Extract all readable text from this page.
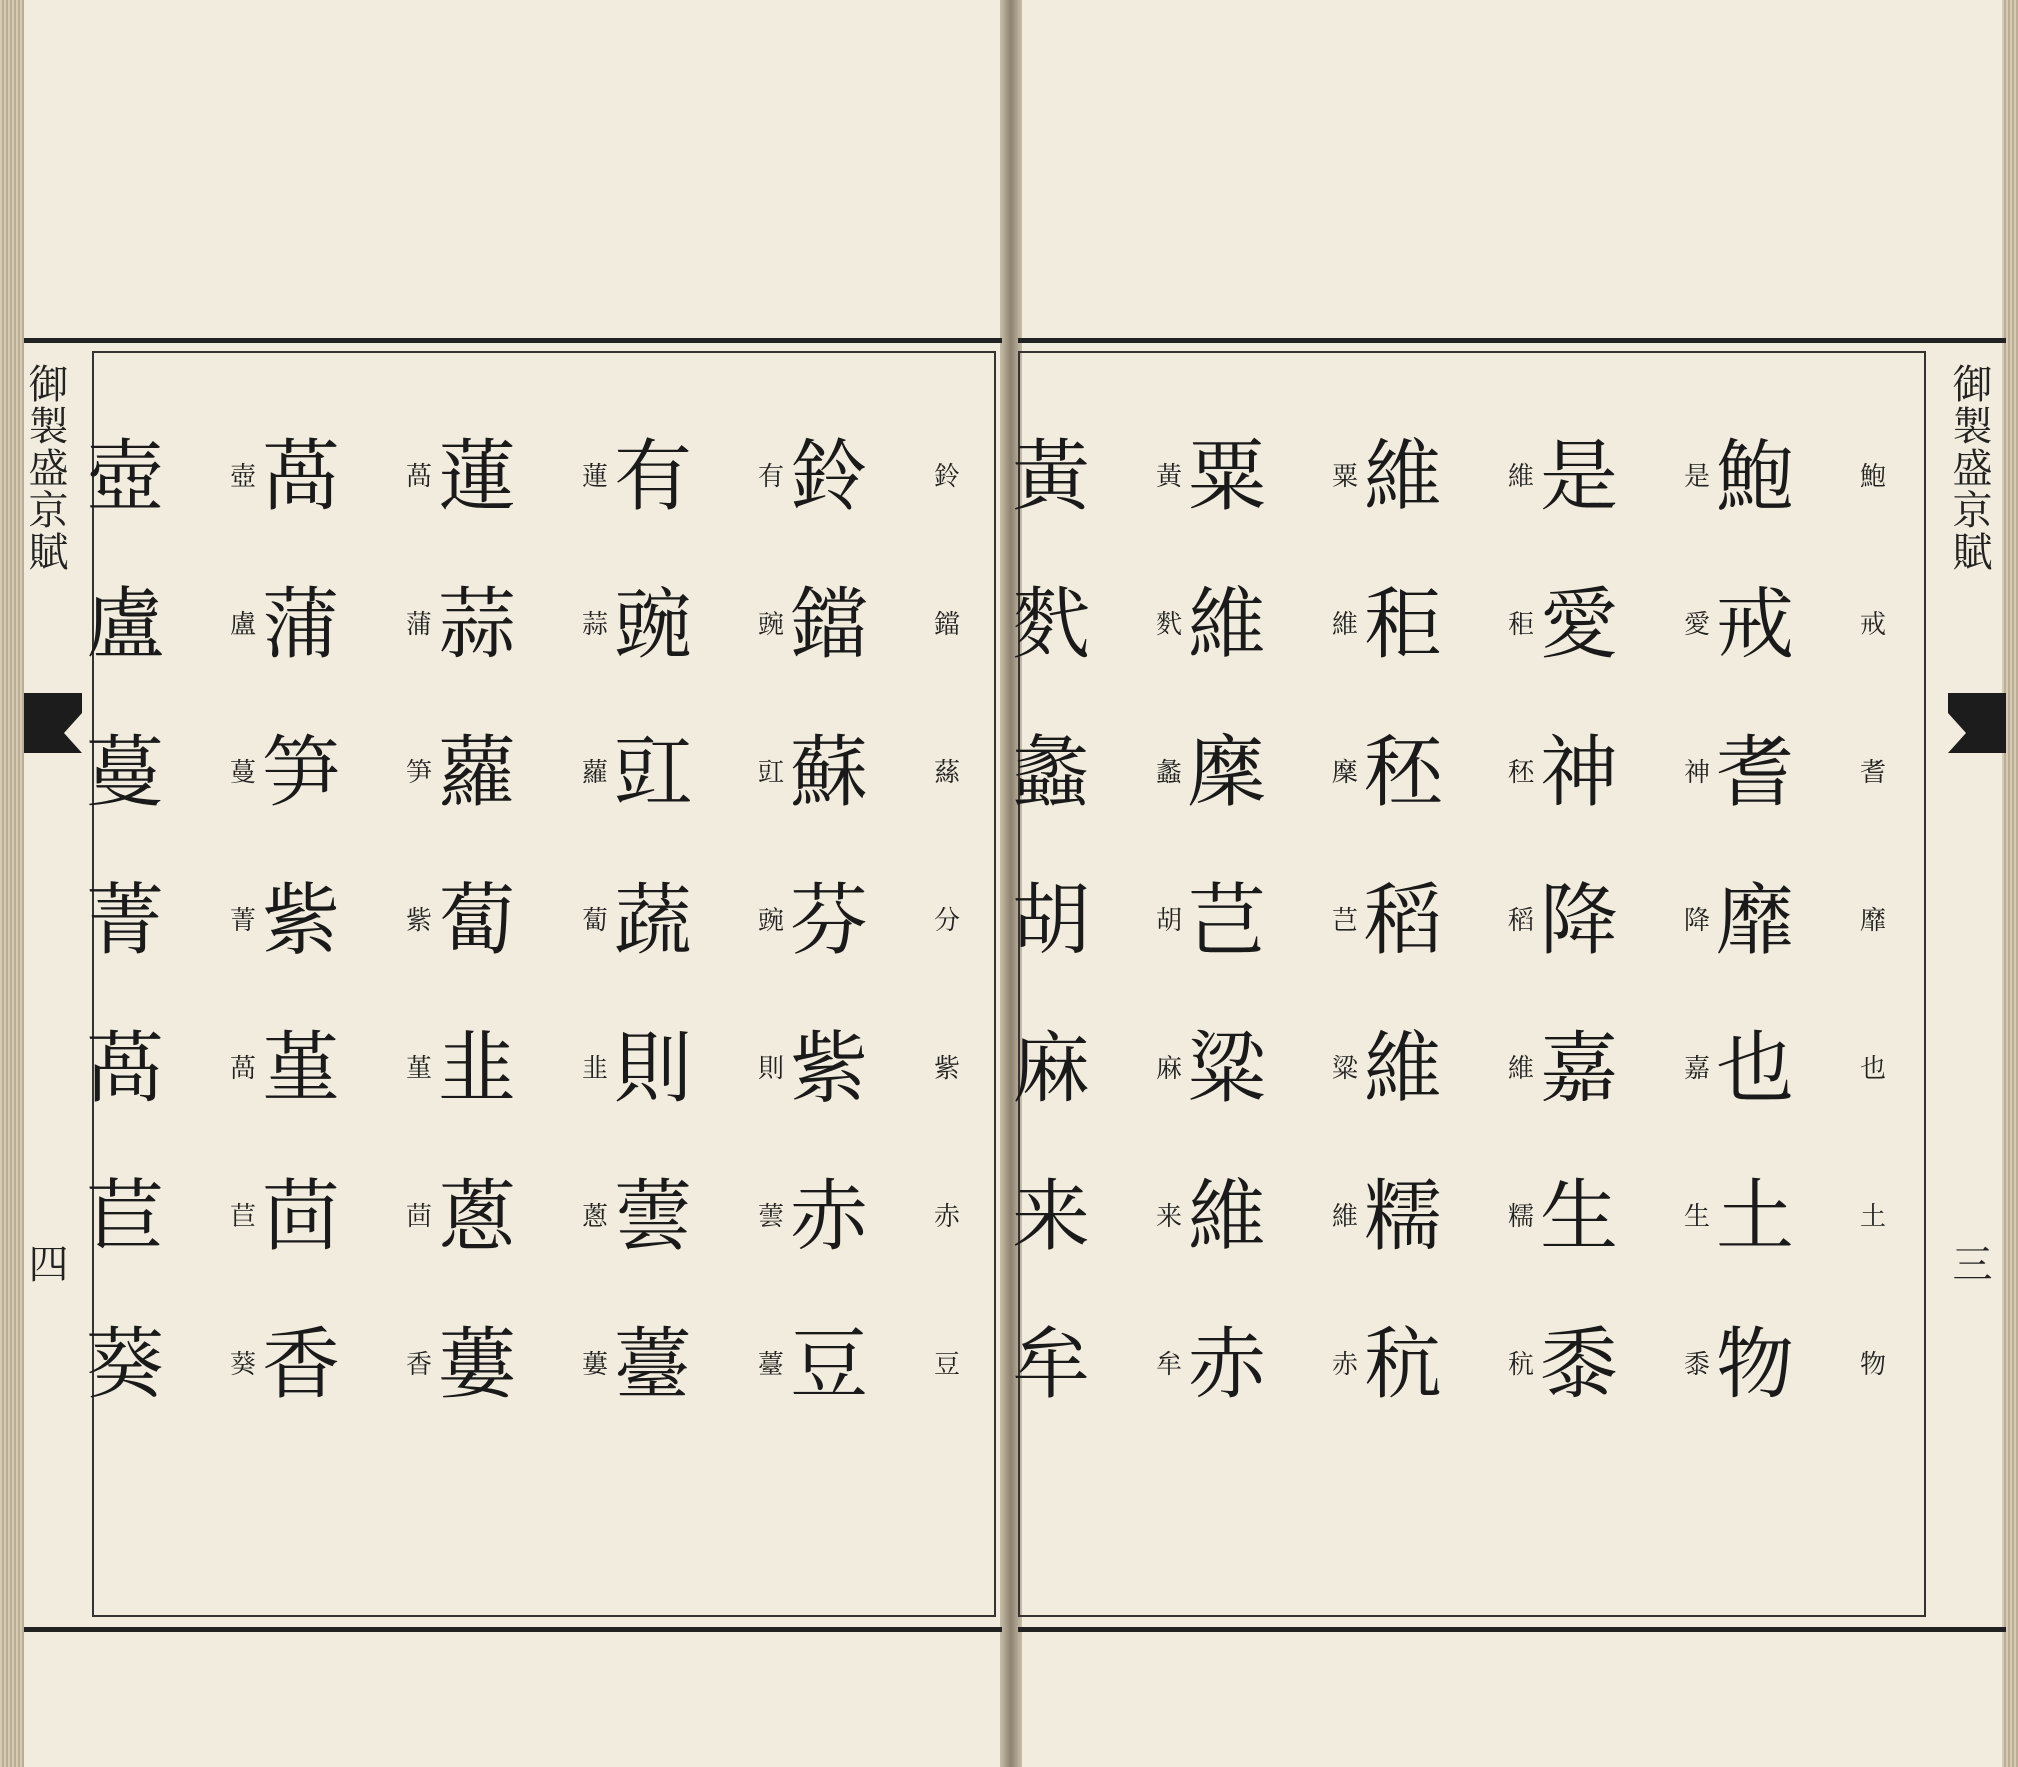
御製盛京賦
四
御製盛京賦
三
鈴
鐺
蕬
分
紫
赤
豆
鈴
鐺
蘇
芬
紫
赤
豆
有
豌
豇
豌
則
蕓
薹
有
豌
豇
蔬
則
蕓
薹
蓮
蒜
蘿
蔔
韭
蔥
蔞
蓮
蒜
蘿
蔔
韭
蔥
蔞
萵
蒲
笋
紫
堇
茴
香
萵
蒲
笋
紫
堇
茴
香
壺
盧
蔓
菁
萵
苣
葵
壺
盧
蔓
菁
萵
苣
葵
鮑
戒
耆
靡
也
土
物
鮑
戒
耆
靡
也
土
物
是
愛
神
降
嘉
生
黍
是
愛
神
降
嘉
生
黍
維
秬
秠
稻
維
糯
秔
維
秬
秠
稻
維
糯
秔
粟
維
穈
芑
粱
維
赤
粟
維
穈
芑
粱
維
赤
黃
䴬
蠡
胡
麻
来
牟
黃
䴬
蠡
胡
麻
来
牟
